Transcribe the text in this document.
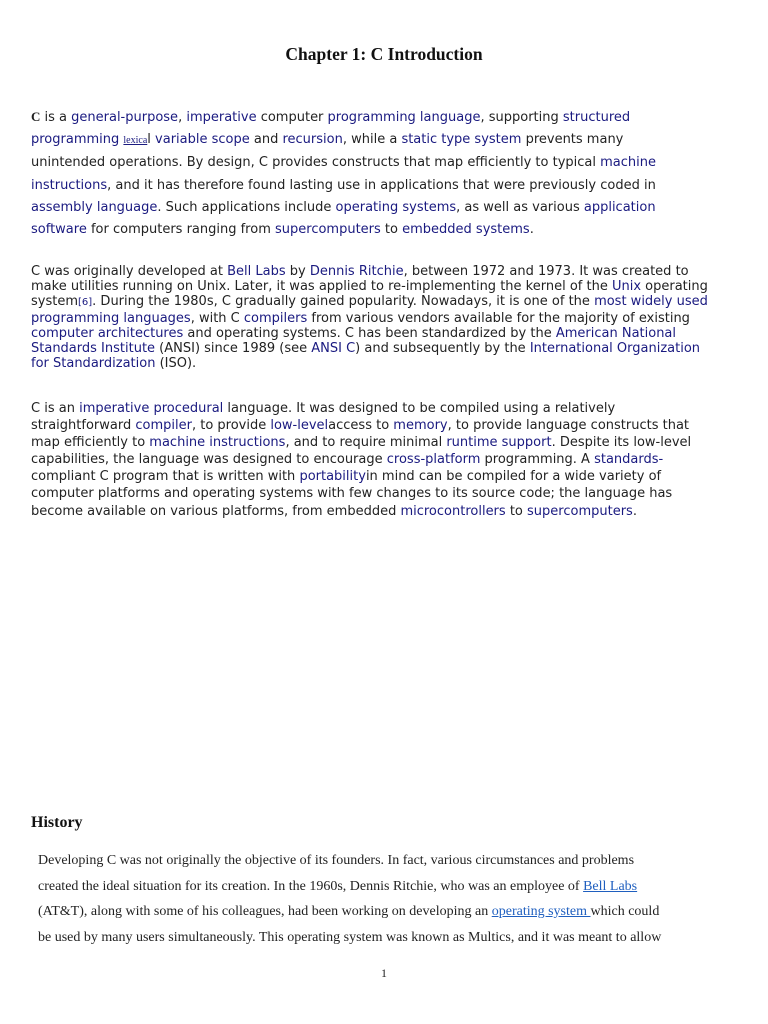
Chapter 1: C Introduction
C is a general-purpose, imperative computer programming language, supporting structured
programming lexical variable scope and recursion, while a static type system prevents many
unintended operations. By design, C provides constructs that map efficiently to typical machine
instructions, and it has therefore found lasting use in applications that were previously coded in
assembly language. Such applications include operating systems, as well as various application
software for computers ranging from supercomputers to embedded systems.
C was originally developed at Bell Labs by Dennis Ritchie, between 1972 and 1973. It was created to
make utilities running on Unix. Later, it was applied to re-implementing the kernel of the Unix operating
system[6]. During the 1980s, C gradually gained popularity. Nowadays, it is one of the most widely used
programming languages, with C compilers from various vendors available for the majority of existing
computer architectures and operating systems. C has been standardized by the American National
Standards Institute (ANSI) since 1989 (see ANSI C) and subsequently by the International Organization
for Standardization (ISO).
C is an imperative procedural language. It was designed to be compiled using a relatively
straightforward compiler, to provide low-levelaccess to memory, to provide language constructs that
map efficiently to machine instructions, and to require minimal runtime support. Despite its low-level
capabilities, the language was designed to encourage cross-platform programming. A standards-
compliant C program that is written with portabilityin mind can be compiled for a wide variety of
computer platforms and operating systems with few changes to its source code; the language has
become available on various platforms, from embedded microcontrollers to supercomputers.
History
Developing C was not originally the objective of its founders. In fact, various circumstances and problems
created the ideal situation for its creation. In the 1960s, Dennis Ritchie, who was an employee of Bell Labs
(AT&T), along with some of his colleagues, had been working on developing an operating system which could
be used by many users simultaneously. This operating system was known as Multics, and it was meant to allow
1
